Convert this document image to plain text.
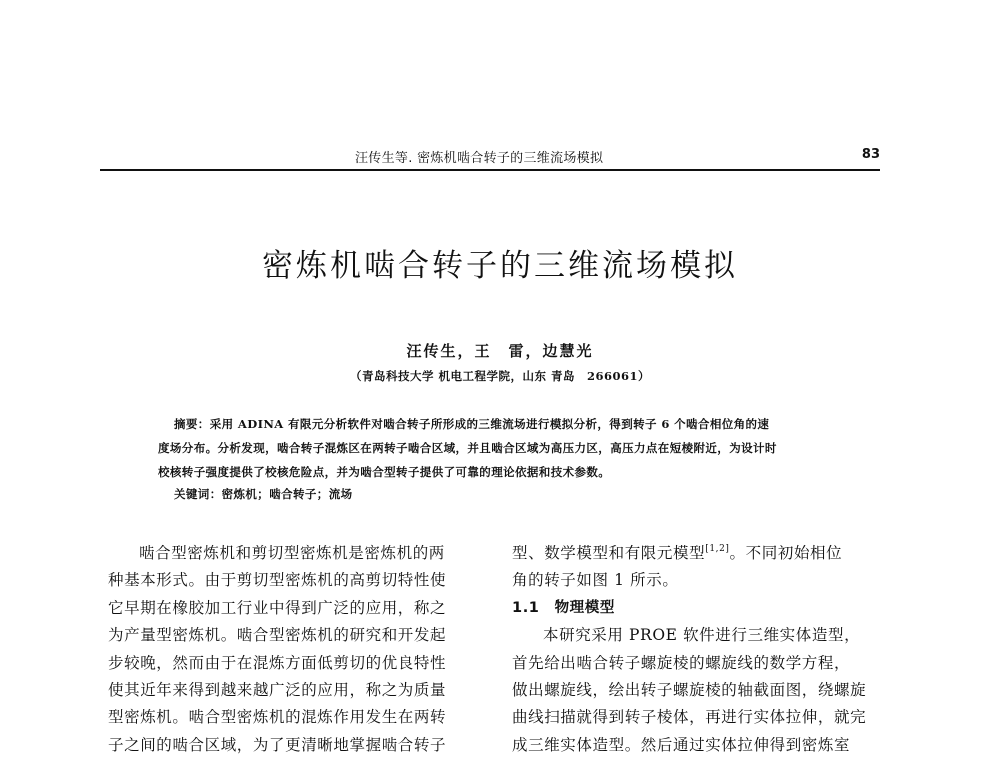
汪传生等. 密炼机啮合转子的三维流场模拟	83
密炼机啮合转子的三维流场模拟
汪传生，王　雷，边慧光
（青岛科技大学 机电工程学院，山东 青岛　266061）
摘要：采用 ADINA 有限元分析软件对啮合转子所形成的三维流场进行模拟分析，得到转子 6 个啮合相位角的速
度场分布。分析发现，啮合转子混炼区在两转子啮合区域，并且啮合区域为高压力区，高压力点在短棱附近，为设计时
校核转子强度提供了校核危险点，并为啮合型转子提供了可靠的理论依据和技术参数。
关键词：密炼机；啮合转子；流场
啮合型密炼机和剪切型密炼机是密炼机的两
种基本形式。由于剪切型密炼机的高剪切特性使
它早期在橡胶加工行业中得到广泛的应用，称之
为产量型密炼机。啮合型密炼机的研究和开发起
步较晚，然而由于在混炼方面低剪切的优良特性
使其近年来得到越来越广泛的应用，称之为质量
型密炼机。啮合型密炼机的混炼作用发生在两转
子之间的啮合区域，为了更清晰地掌握啮合转子
型、数学模型和有限元模型[1,2]。不同初始相位
角的转子如图 1 所示。
1.1　物理模型
本研究采用 PROE 软件进行三维实体造型，
首先给出啮合转子螺旋棱的螺旋线的数学方程，
做出螺旋线，绘出转子螺旋棱的轴截面图，绕螺旋
曲线扫描就得到转子棱体，再进行实体拉伸，就完
成三维实体造型。然后通过实体拉伸得到密炼室
